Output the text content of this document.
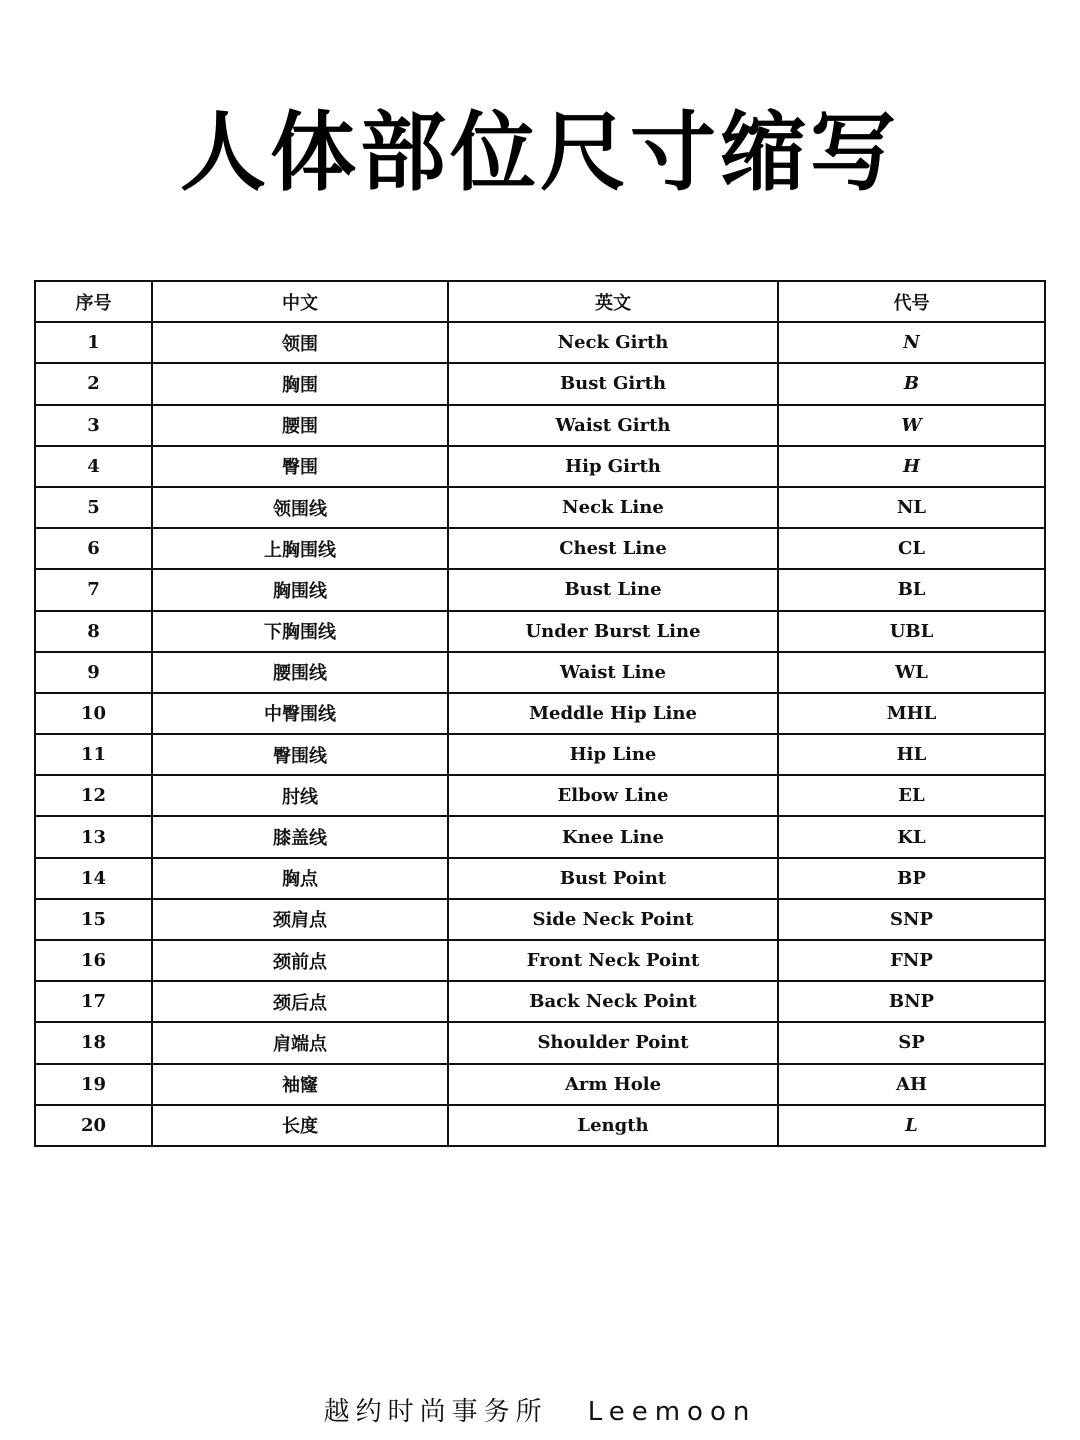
人体部位尺寸缩写
序号	中文	英文	代号
1	领围	Neck Girth	N
2	胸围	Bust Girth	B
3	腰围	Waist Girth	W
4	臀围	Hip Girth	H
5	领围线	Neck Line	NL
6	上胸围线	Chest Line	CL
7	胸围线	Bust Line	BL
8	下胸围线	Under Burst Line	UBL
9	腰围线	Waist Line	WL
10	中臀围线	Meddle Hip Line	MHL
11	臀围线	Hip Line	HL
12	肘线	Elbow Line	EL
13	膝盖线	Knee Line	KL
14	胸点	Bust Point	BP
15	颈肩点	Side Neck Point	SNP
16	颈前点	Front Neck Point	FNP
17	颈后点	Back Neck Point	BNP
18	肩端点	Shoulder Point	SP
19	袖窿	Arm Hole	AH
20	长度	Length	L
越约时尚事务所 Leemoon
